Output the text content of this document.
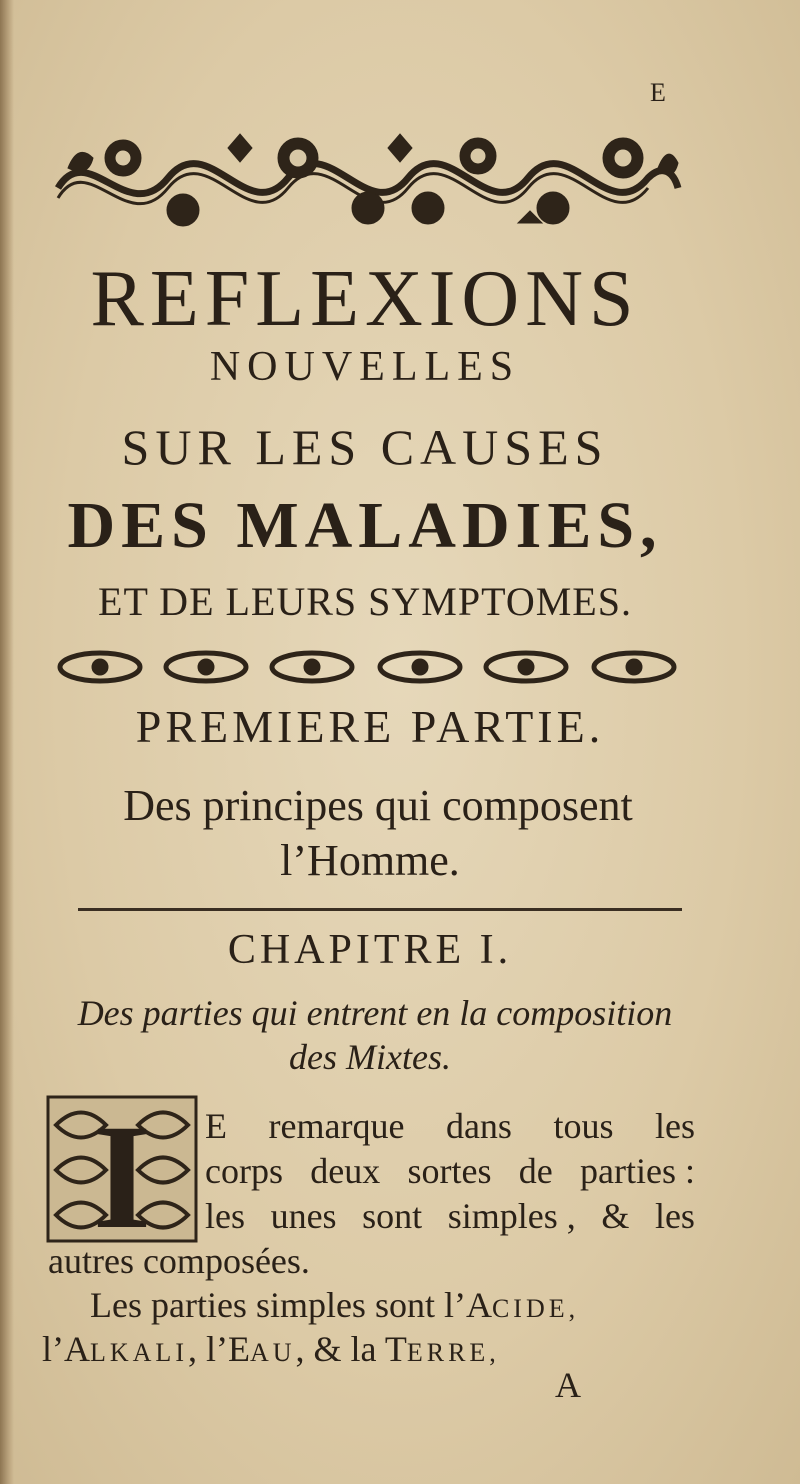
E
REFLEXIONS
NOUVELLES
SUR LES CAUSES
DES MALADIES,
ET DE LEURS SYMPTOMES.
PREMIERE PARTIE.
Des principes qui composent
l’Homme.
CHAPITRE I.
Des parties qui entrent en la composition
des Mixtes.
I E remarque dans tous les
corps deux sortes de parties :
les unes sont simples , & les
autres composées.
Les parties simples sont l’ACIDE,
l’ALKALI, l’EAU, & la TERRE,
A
